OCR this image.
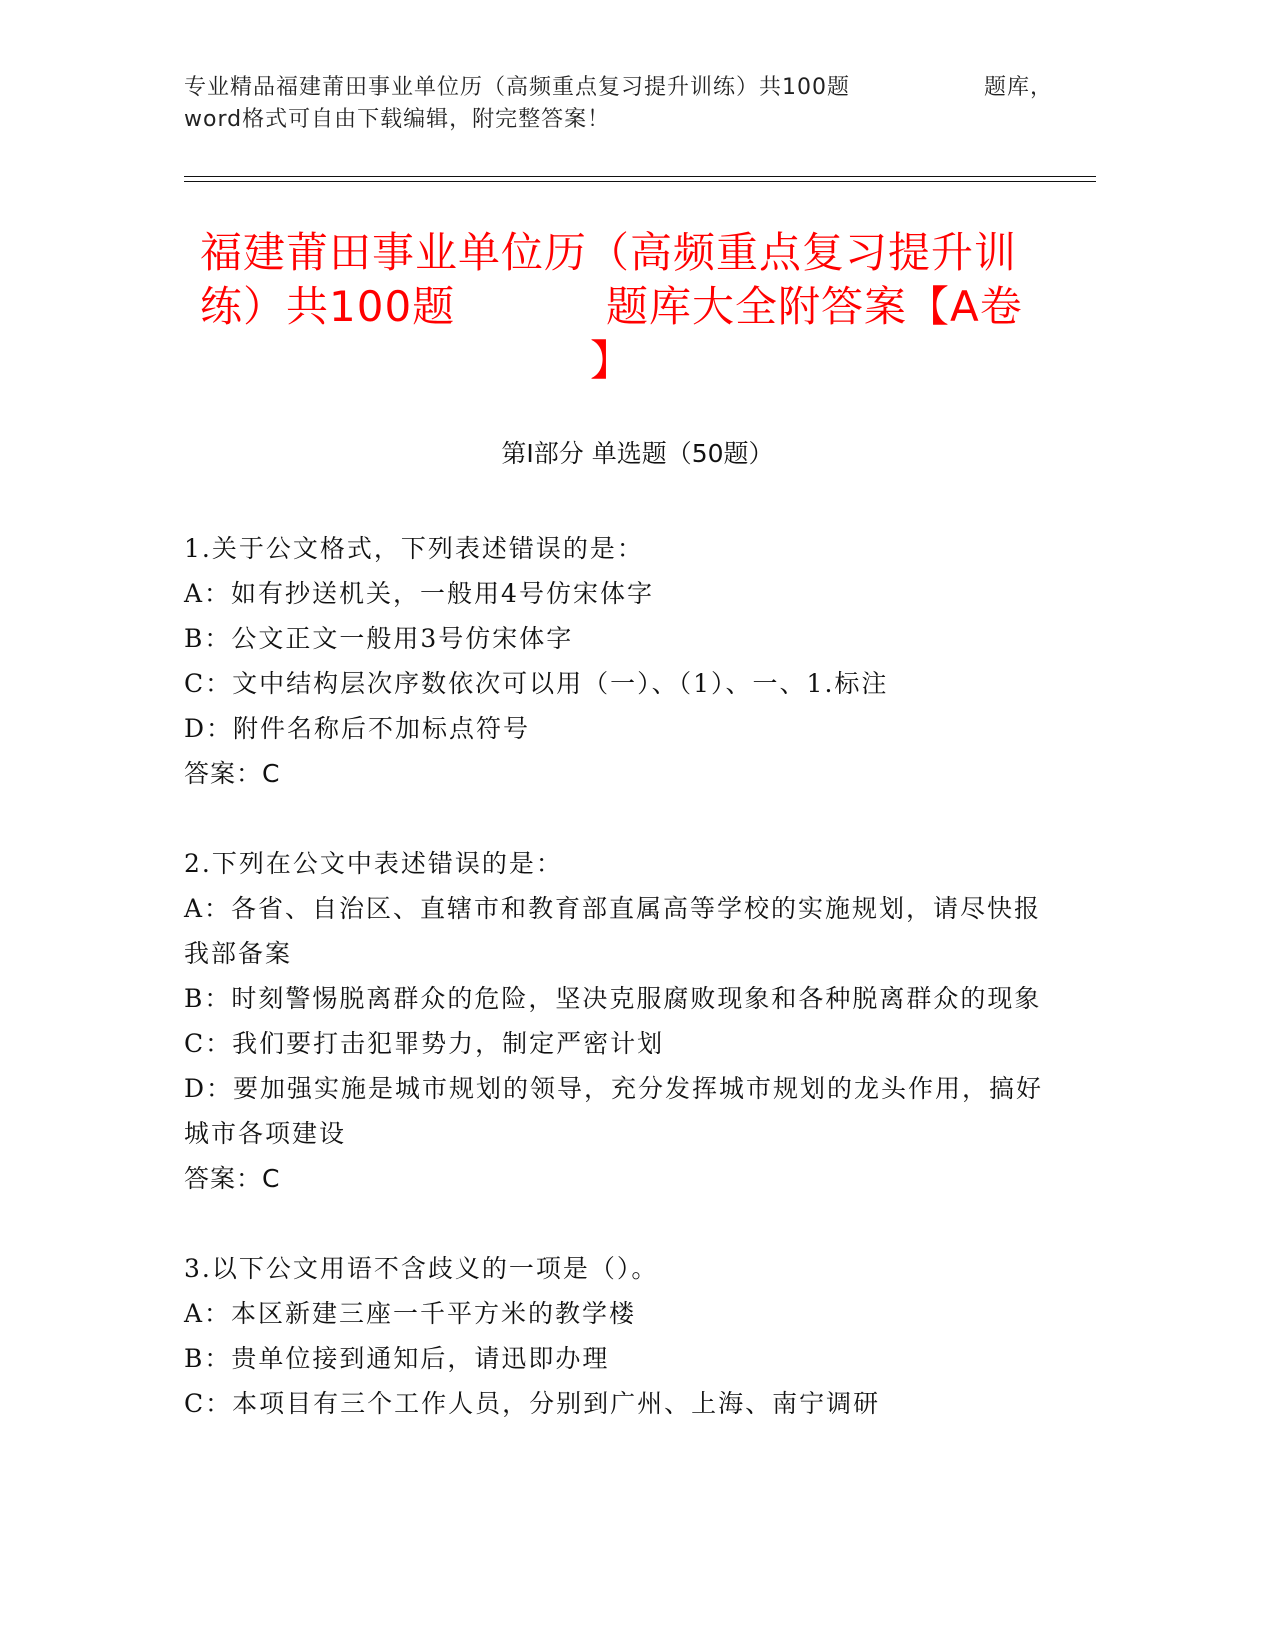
专业精品福建莆田事业单位历（高频重点复习提升训练）共100题	题库，
word格式可自由下载编辑，附完整答案！
福建莆田事业单位历（高频重点复习提升训
练）共100题	题库大全附答案【A卷
】
第I部分 单选题（50题）

1.关于公文格式，下列表述错误的是：

A：如有抄送机关，一般用4号仿宋体字

B：公文正文一般用3号仿宋体字

C：文中结构层次序数依次可以用（一）、（1）、一、1.标注

D：附件名称后不加标点符号

答案：C

2.下列在公文中表述错误的是：

A：各省、自治区、直辖市和教育部直属高等学校的实施规划，请尽快报我部备案

B：时刻警惕脱离群众的危险，坚决克服腐败现象和各种脱离群众的现象

C：我们要打击犯罪势力，制定严密计划

D：要加强实施是城市规划的领导，充分发挥城市规划的龙头作用，搞好城市各项建设

答案：C

3.以下公文用语不含歧义的一项是（）。

A：本区新建三座一千平方米的教学楼

B：贵单位接到通知后，请迅即办理

C：本项目有三个工作人员，分别到广州、上海、南宁调研
